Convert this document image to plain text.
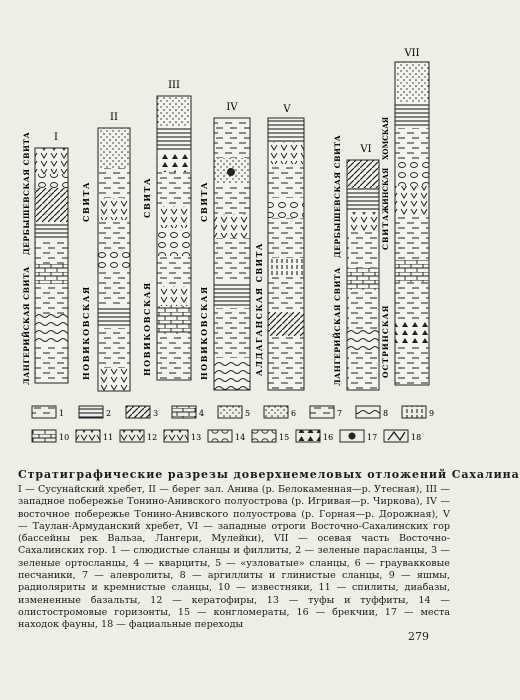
I
ЛАНГЕРИЙСКАЯ СВИТА
ДЕРБЫШЕВСКАЯ СВИТА
II
НОВИКОВСКАЯ
СВИТА
III
НОВИКОВСКАЯ
СВИТА
IV
НОВИКОВСКАЯ
СВИТА
V
АЛДАГАНСКАЯ СВИТА
VI
ЛАНГЕРИЙСКАЯ СВИТА
ДЕРБЫШЕВСКАЯ СВИТА
VII
ОСТРИНСКАЯ
СВИТА
ЖИНСКАЯ
ХОМСКАЯ
1	2	3	4	5	6	7	8	9
10	11	12	13	14	15	16	17	18
Стратиграфические разрезы доверхнемеловых отложений Сахалина
I — Сусунайский хребет, II — берег зал. Анива (р. Белокаменная—р. Утесная), III — западное побережье Тонино-Анивского полуострова (р. Игривая—р. Чиркова), IV — восточное побережье Тонино-Анивского полуострова (р. Горная—р. Дорожная), V — Таулан-Армуданский хребет, VI — западные отроги Восточно-Сахалинских гор (бассейны рек Вальза, Лангери, Мулейки), VII — осевая часть Восточно-Сахалинских гор. 1 — слюдистые сланцы и филлиты, 2 — зеленые парасланцы, 3 — зеленые ортосланцы, 4 — кварциты, 5 — «узловатые» сланцы, 6 — граувакковые песчаники, 7 — алевролиты, 8 — аргиллиты и глинистые сланцы, 9 — яшмы, радиоляриты и кремнистые сланцы, 10 — известняки, 11 — спилиты, диабазы, измененные базальты, 12 — кератофиры, 13 — туфы и туффиты, 14 — олистостромовые горизонты, 15 — конгломераты, 16 — брекчии, 17 — места находок фауны, 18 — фациальные переходы
279
